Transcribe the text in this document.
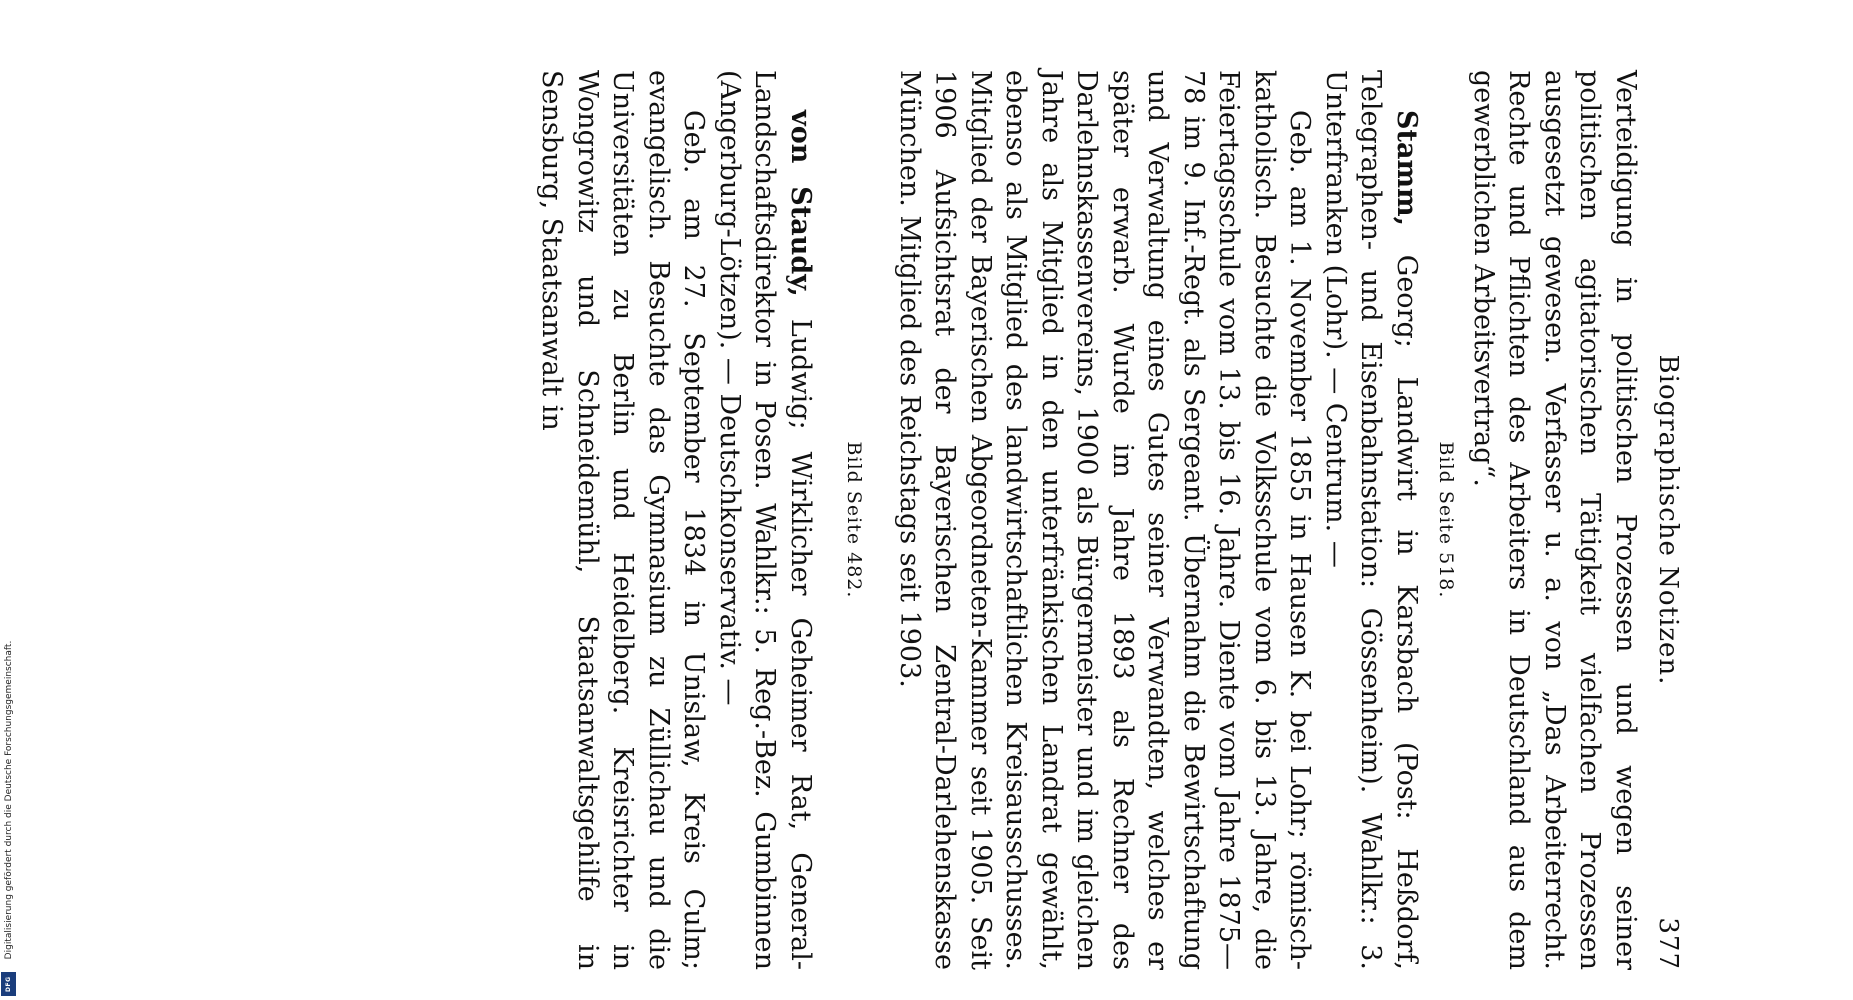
Digitalisierung gefördert durch die Deutsche Forschungsgemeinschaft.
DFG
Biographische Notizen.
377

Verteidigung in politischen Prozessen und wegen seiner politischen agitatorischen Tätigkeit vielfachen Prozessen ausgesetzt gewesen. Verfasser u. a. von „Das Arbeiterrecht. Rechte und Pflichten des Arbeiters in Deutschland aus dem gewerblichen Arbeitsvertrag“.

Bild Seite 518.

Stamm, Georg; Landwirt in Karsbach (Post: Heßdorf, Telegraphen- und Eisenbahnstation: Gössenheim). Wahlkr.: 3. Unterfranken (Lohr). — Centrum. —

Geb. am 1. November 1855 in Hausen K. bei Lohr; römisch-katholisch. Besuchte die Volksschule vom 6. bis 13. Jahre, die Feiertagsschule vom 13. bis 16. Jahre. Diente vom Jahre 1875—78 im 9. Inf.-Regt. als Sergeant. Übernahm die Bewirtschaftung und Verwaltung eines Gutes seiner Verwandten, welches er später erwarb. Wurde im Jahre 1893 als Rechner des Darlehnskassenvereins, 1900 als Bürgermeister und im gleichen Jahre als Mitglied in den unterfränkischen Landrat gewählt, ebenso als Mitglied des landwirtschaftlichen Kreisausschusses. Mitglied der Bayerischen Abgeordneten-Kammer seit 1905. Seit 1906 Aufsichtsrat der Bayerischen Zentral-Darlehenskasse München. Mitglied des Reichstags seit 1903.

Bild Seite 482.

von Staudy, Ludwig; Wirklicher Geheimer Rat, General-Landschaftsdirektor in Posen. Wahlkr.: 5. Reg.-Bez. Gumbinnen (Angerburg-Lötzen). — Deutschkonservativ. —

Geb. am 27. September 1834 in Unislaw, Kreis Culm; evangelisch. Besuchte das Gymnasium zu Züllichau und die Universitäten zu Berlin und Heidelberg. Kreisrichter in Wongrowitz und Schneidemühl, Staatsanwaltsgehilfe in Sensburg, Staatsanwalt in
